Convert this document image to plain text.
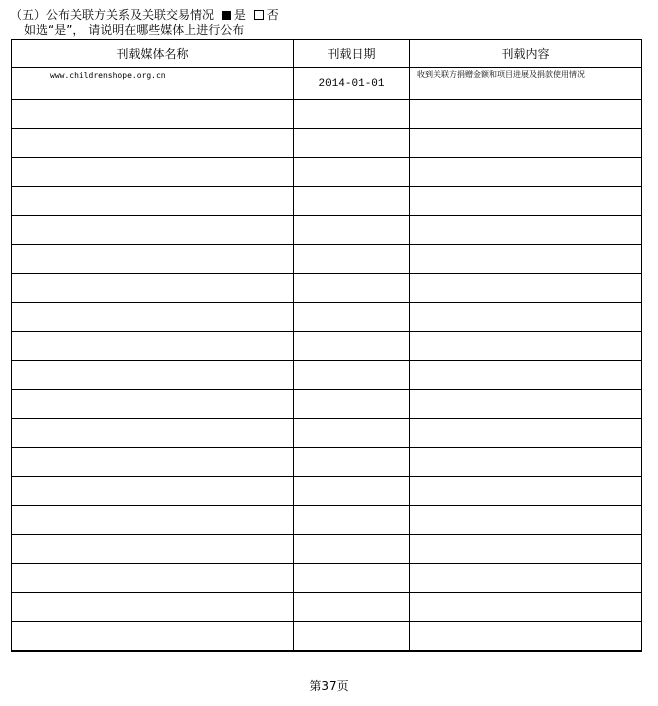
（五）公布关联方关系及关联交易情况 是 否
如选“是”， 请说明在哪些媒体上进行公布
刊载媒体名称	刊载日期	刊载内容
www.childrenshope.org.cn	2014-01-01	收到关联方捐赠金额和项目进展及捐款使用情况

第37页
